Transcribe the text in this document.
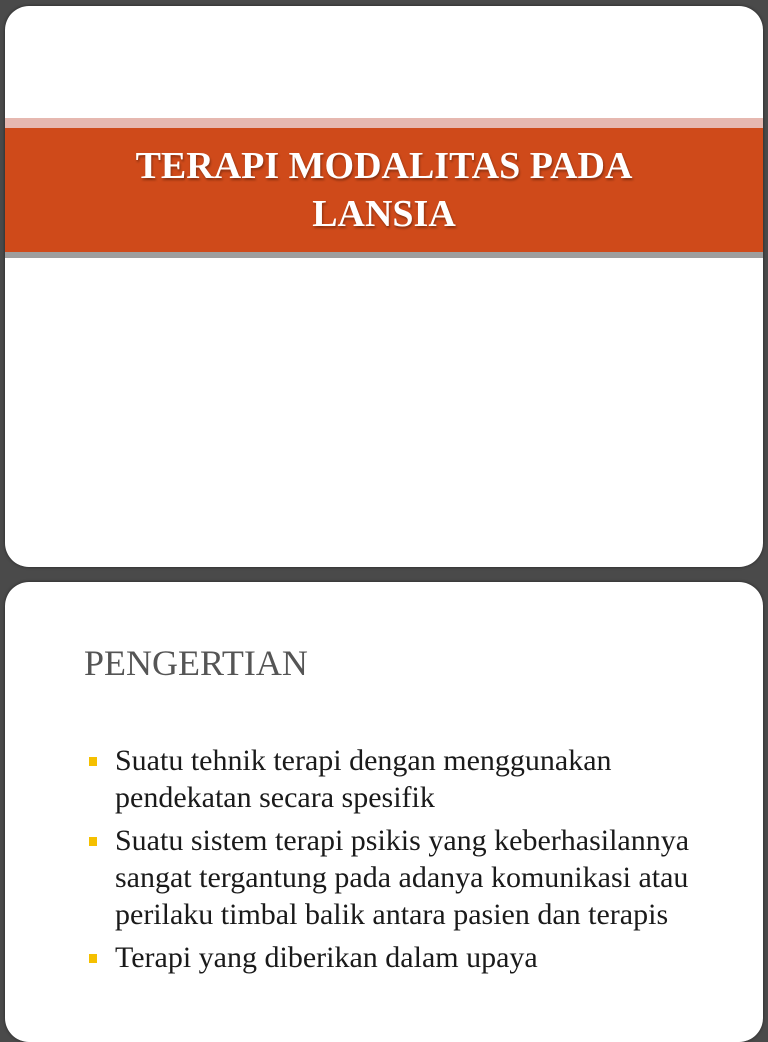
TERAPI MODALITAS PADA LANSIA
PENGERTIAN
Suatu tehnik terapi dengan menggunakan pendekatan secara spesifik
Suatu sistem terapi psikis yang keberhasilannya sangat tergantung pada adanya komunikasi atau perilaku timbal balik antara pasien dan terapis
Terapi yang diberikan dalam upaya
